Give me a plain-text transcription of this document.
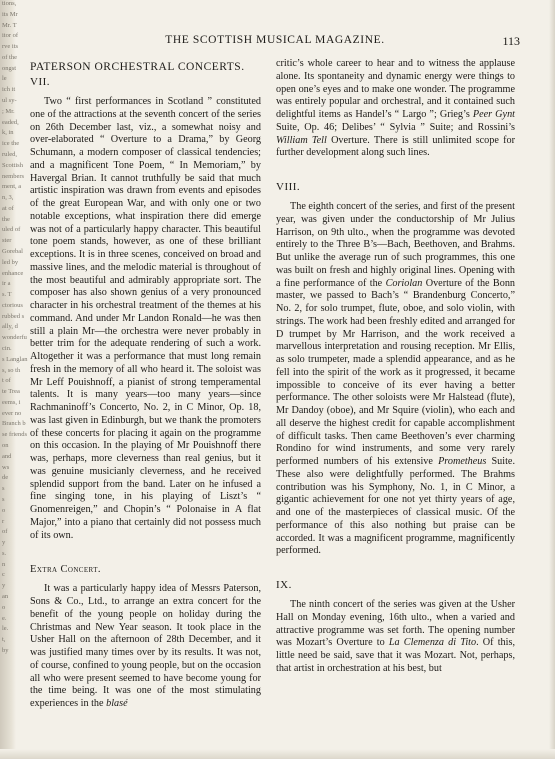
tions,
its Mr
Mr. T
itor of
rve its
of the
ongst
le
ich it
ul sy-
; Mr.
eaded,
k, in
ice the
ruled,
Scottish
nembers
ment, a
n, 3,
at of
the
uled of
ster
Gorebal
led by
enhance
ir a
s. T
ctorious
rubbed s
ally, d
wonderfu
cin.
s Langlan
s, so th
t of
te Trea
eems, i
ever no
Branch b
se friends
on
and
ws
de
s
s
o
r
of
y
s.
n
c
y
an
o
e.
le.
t,
by
THE SCOTTISH MUSICAL MAGAZINE.	113

PATERSON ORCHESTRAL CONCERTS.

VII.

Two “ first performances in Scotland ” constituted one of the attractions at the seventh concert of the series on 26th December last, viz., a somewhat noisy and over-elaborated “ Overture to a Drama,” by Georg Schumann, a modern composer of classical tendencies; and a magnificent Tone Poem, “ In Memoriam,” by Havergal Brian. It cannot truthfully be said that much artistic inspiration was drawn from events and episodes of the great European War, and with only one or two notable exceptions, what inspiration there did emerge was not of a particularly happy character. This beautiful tone poem stands, however, as one of these brilliant exceptions. It is in three scenes, conceived on broad and massive lines, and the melodic material is throughout of the most beautiful and admirably appropriate sort. The composer has also shown genius of a very pronounced character in his orchestral treatment of the themes at his command. And under Mr Landon Ronald—he was then still a plain Mr—the orchestra were never probably in better trim for the adequate rendering of such a work. Altogether it was a performance that must long remain fresh in the memory of all who heard it. The soloist was Mr Leff Pouishnoff, a pianist of strong temperamental talents. It is many years—too many years—since Rachmaninoff’s Concerto, No. 2, in C Minor, Op. 18, was last given in Edinburgh, but we thank the promoters of these concerts for placing it again on the programme on this occasion. In the playing of Mr Pouishnoff there was, perhaps, more cleverness than real genius, but it was genuine musicianly cleverness, and he received splendid support from the band. Later on he infused a fine singing tone, in his playing of Liszt’s “ Gnomenreigen,” and Chopin’s “ Polonaise in A flat Major,” into a piano that certainly did not possess much of its own.

Extra Concert.

It was a particularly happy idea of Messrs Paterson, Sons & Co., Ltd., to arrange an extra concert for the benefit of the young people on holiday during the Christmas and New Year season. It took place in the Usher Hall on the afternoon of 28th December, and it was justified many times over by its results. It was not, of course, confined to young people, but on the occasion all who were present seemed to have become young for the time being. It was one of the most stimulating experiences in the blasé

critic’s whole career to hear and to witness the applause alone. Its spontaneity and dynamic energy were things to open one’s eyes and to make one wonder. The programme was entirely popular and orchestral, and it contained such delightful items as Handel’s “ Largo ”; Grieg’s Peer Gynt Suite, Op. 46; Delibes’ “ Sylvia ” Suite; and Rossini’s William Tell Overture. There is still unlimited scope for further development along such lines.

VIII.

The eighth concert of the series, and first of the present year, was given under the conductorship of Mr Julius Harrison, on 9th ulto., when the programme was devoted entirely to the Three B’s—Bach, Beethoven, and Brahms. But unlike the average run of such programmes, this one was built on fresh and highly original lines. Opening with a fine performance of the Coriolan Overture of the Bonn master, we passed to Bach’s “ Brandenburg Concerto,” No. 2, for solo trumpet, flute, oboe, and solo violin, with strings. The work had been freshly edited and arranged for D trumpet by Mr Harrison, and the work received a marvellous interpretation and rousing reception. Mr Ellis, as solo trumpeter, made a splendid appearance, and as he fell into the spirit of the work as it progressed, it became impossible to conceive of its ever having a better performance. The other soloists were Mr Halstead (flute), Mr Dandoy (oboe), and Mr Squire (violin), who each and all deserve the highest credit for capable accomplishment of difficult tasks. Then came Beethoven’s ever charming Rondino for wind instruments, and some very rarely performed numbers of his extensive Prometheus Suite. These also were delightfully performed. The Brahms contribution was his Symphony, No. 1, in C Minor, a gigantic achievement for one not yet thirty years of age, and one of the masterpieces of classical music. Of the performance of this also nothing but praise can be accorded. It was a magnificent programme, magnificently performed.

IX.

The ninth concert of the series was given at the Usher Hall on Monday evening, 16th ulto., when a varied and attractive programme was set forth. The opening number was Mozart’s Overture to La Clemenza di Tito. Of this, little need be said, save that it was Mozart. Not, perhaps, that artist in orchestration at his best, but
